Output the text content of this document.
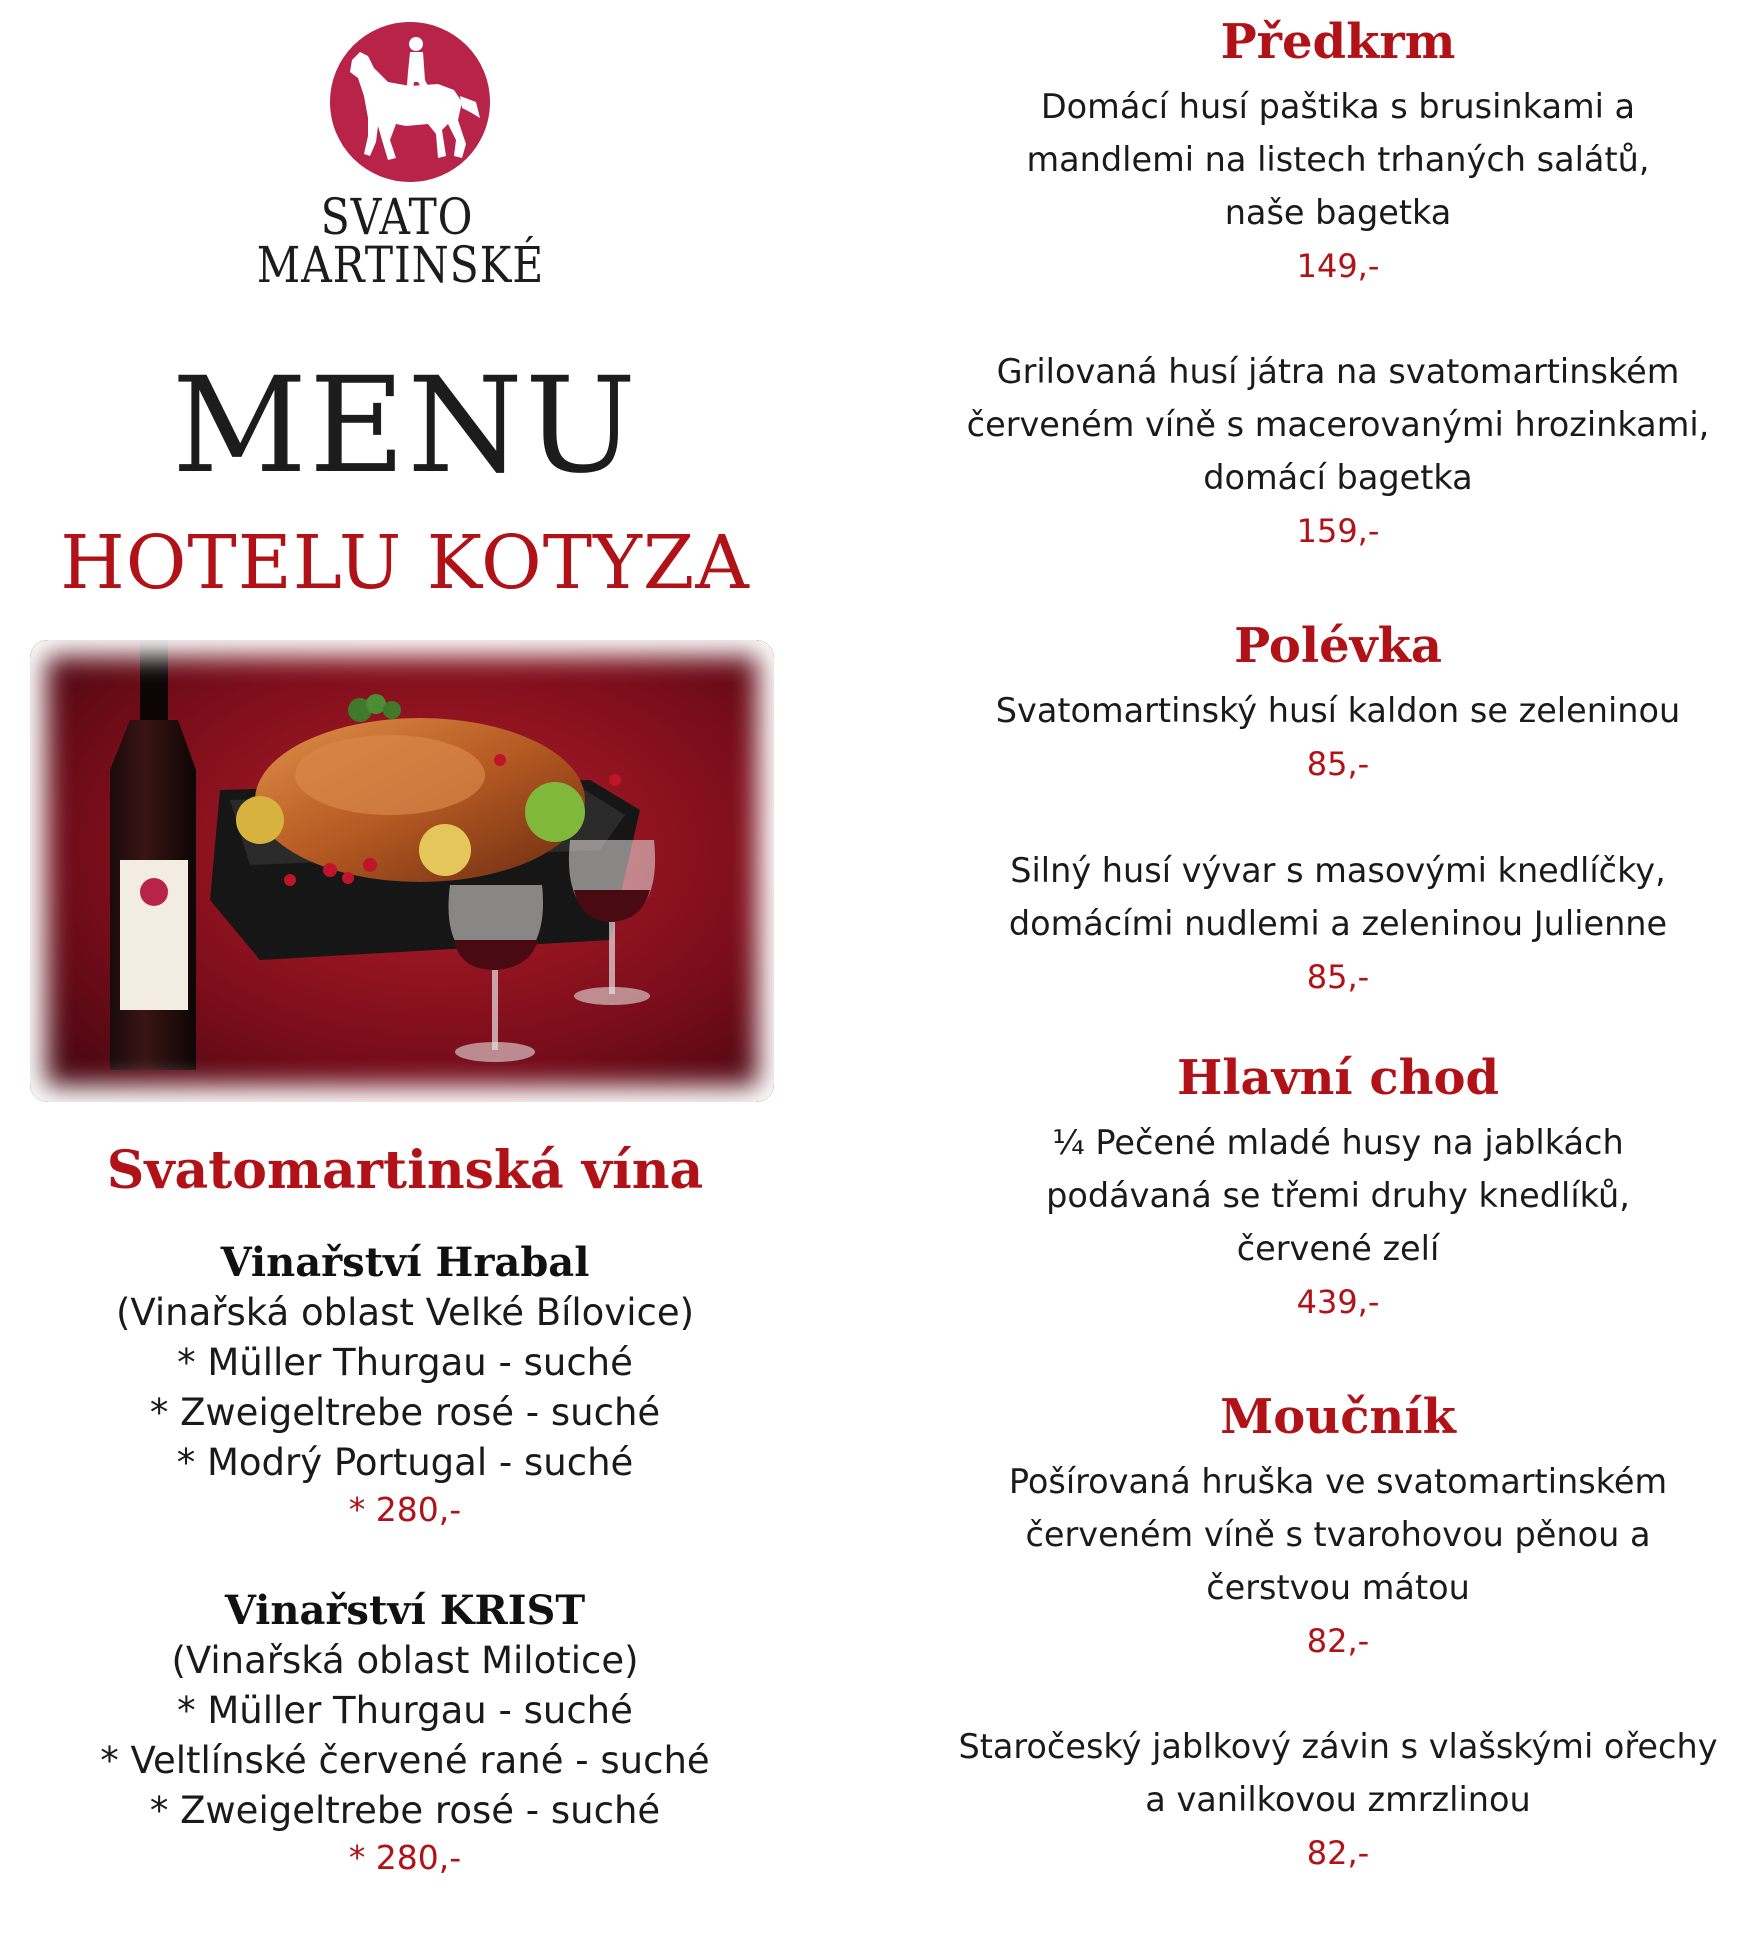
SVATO
MARTINSKÉ
MENU
HOTELU KOTYZA
Svatomartinská vína
Vinařství Hrabal
(Vinařská oblast Velké Bílovice)
* Müller Thurgau - suché
* Zweigeltrebe rosé - suché
* Modrý Portugal - suché
* 280,-
Vinařství KRIST
(Vinařská oblast Milotice)
* Müller Thurgau - suché
* Veltlínské červené rané - suché
* Zweigeltrebe rosé - suché
* 280,-
Předkrm
Domácí husí paštika s brusinkami a
mandlemi na listech trhaných salátů,
naše bagetka
149,-
Grilovaná husí játra na svatomartinském
červeném víně s macerovanými hrozinkami,
domácí bagetka
159,-
Polévka
Svatomartinský husí kaldon se zeleninou
85,-
Silný husí vývar s masovými knedlíčky,
domácími nudlemi a zeleninou Julienne
85,-
Hlavní chod
¼ Pečené mladé husy na jablkách
podávaná se třemi druhy knedlíků,
červené zelí
439,-
Moučník
Pošírovaná hruška ve svatomartinském
červeném víně s tvarohovou pěnou a
čerstvou mátou
82,-
Staročeský jablkový závin s vlašskými ořechy
a vanilkovou zmrzlinou
82,-
